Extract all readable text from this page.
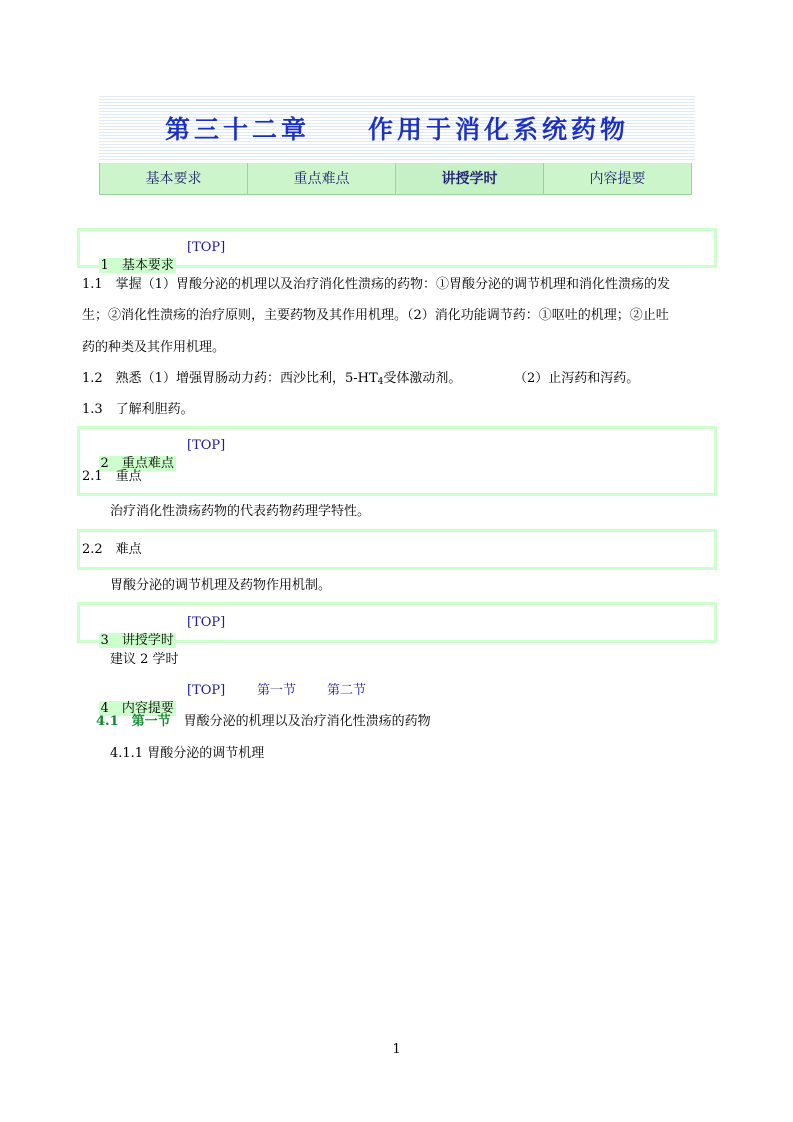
第三十二章　　作用于消化系统药物
基本要求	重点难点	讲授学时	内容提要

1　 基本要求

[TOP]
1.1　掌握（1）胃酸分泌的机理以及治疗消化性溃疡的药物：①胃酸分泌的调节机理和消化性溃疡的发
生；②消化性溃疡的治疗原则，主要药物及其作用机理。（2）消化功能调节药：①呕吐的机理；②止吐
药的种类及其作用机理。
1.2　熟悉（1）增强胃肠动力药：西沙比利，$5-HT_4$受体激动剂。	（2）止泻药和泻药。
1.3　了解利胆药。

2　 重点难点

[TOP]
2.1　重点
治疗消化性溃疡药物的代表药物药理学特性。
2.2　难点
胃酸分泌的调节机理及药物作用机制。

3　 讲授学时

[TOP]
建议 2 学时

4　 内容提要

[TOP] 第一节 第二节
4.1　 第一节　 胃酸分泌的机理以及治疗消化性溃疡的药物
4.1.1 胃酸分泌的调节机理
1
